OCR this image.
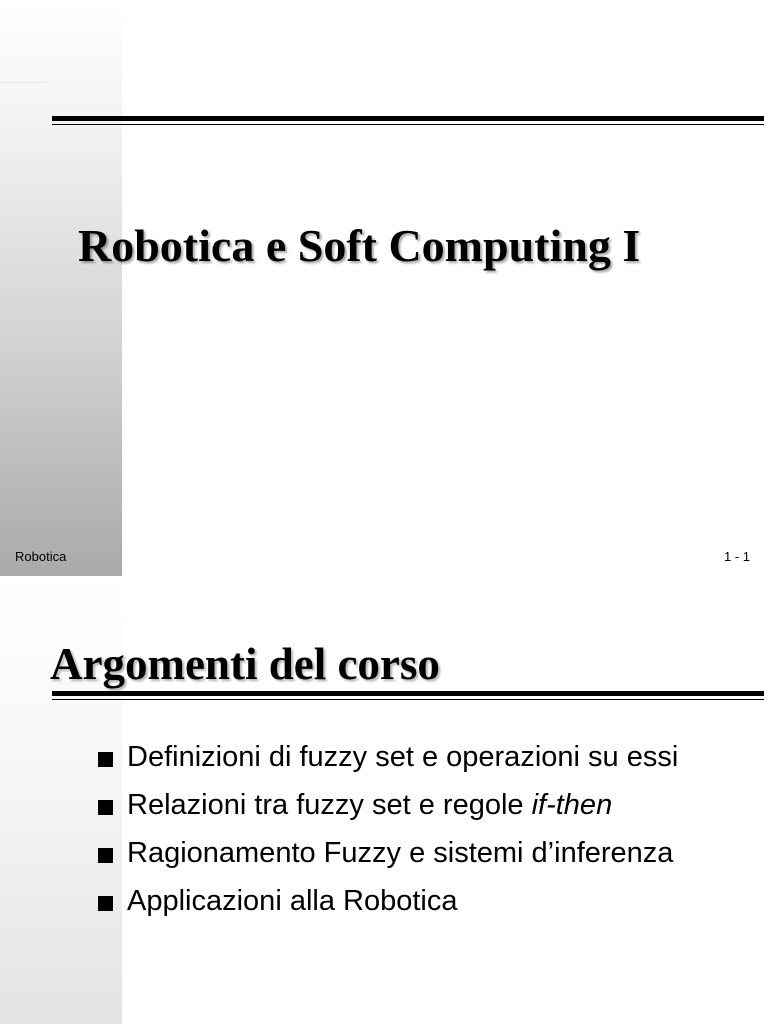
Robotica e Soft Computing I
Robotica	1 - 1
Argomenti del corso
Definizioni di fuzzy set e operazioni su essi
Relazioni tra fuzzy set e regole if-then
Ragionamento Fuzzy e sistemi d’inferenza
Applicazioni alla Robotica
